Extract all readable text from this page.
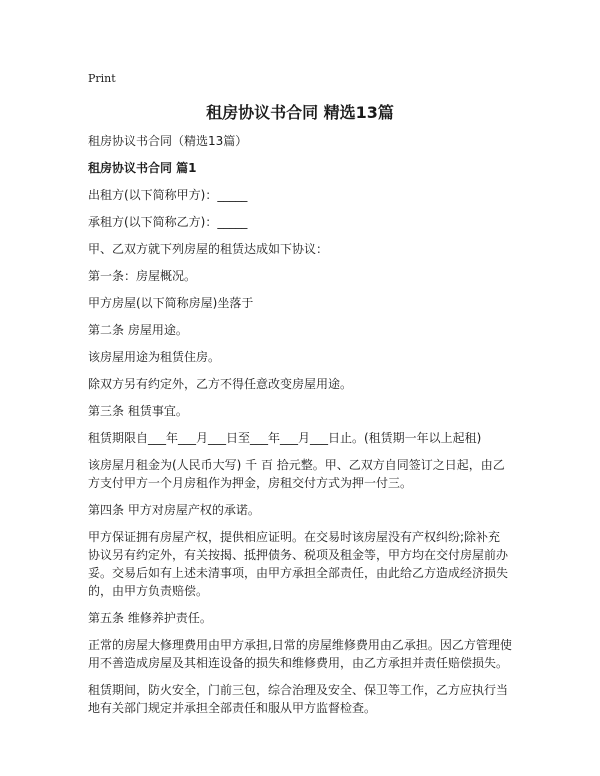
Print
租房协议书合同 精选13篇

租房协议书合同（精选13篇）

租房协议书合同 篇1

出租方(以下简称甲方)：_____

承租方(以下简称乙方)：_____

甲、乙双方就下列房屋的租赁达成如下协议：

第一条：房屋概况。

甲方房屋(以下简称房屋)坐落于

第二条 房屋用途。

该房屋用途为租赁住房。

除双方另有约定外，乙方不得任意改变房屋用途。

第三条 租赁事宜。

租赁期限自___年___月___日至___年___月___日止。(租赁期一年以上起租)

该房屋月租金为(人民币大写) 千 百 拾元整。甲、乙双方自同签订之日起，由乙方支付甲方一个月房租作为押金，房租交付方式为押一付三。

第四条 甲方对房屋产权的承诺。

甲方保证拥有房屋产权，提供相应证明。在交易时该房屋没有产权纠纷;除补充协议另有约定外，有关按揭、抵押债务、税项及租金等，甲方均在交付房屋前办妥。交易后如有上述未清事项，由甲方承担全部责任，由此给乙方造成经济损失的，由甲方负责赔偿。

第五条 维修养护责任。

正常的房屋大修理费用由甲方承担,日常的房屋维修费用由乙承担。因乙方管理使用不善造成房屋及其相连设备的损失和维修费用，由乙方承担并责任赔偿损失。

租赁期间，防火安全，门前三包，综合治理及安全、保卫等工作，乙方应执行当地有关部门规定并承担全部责任和服从甲方监督检查。
